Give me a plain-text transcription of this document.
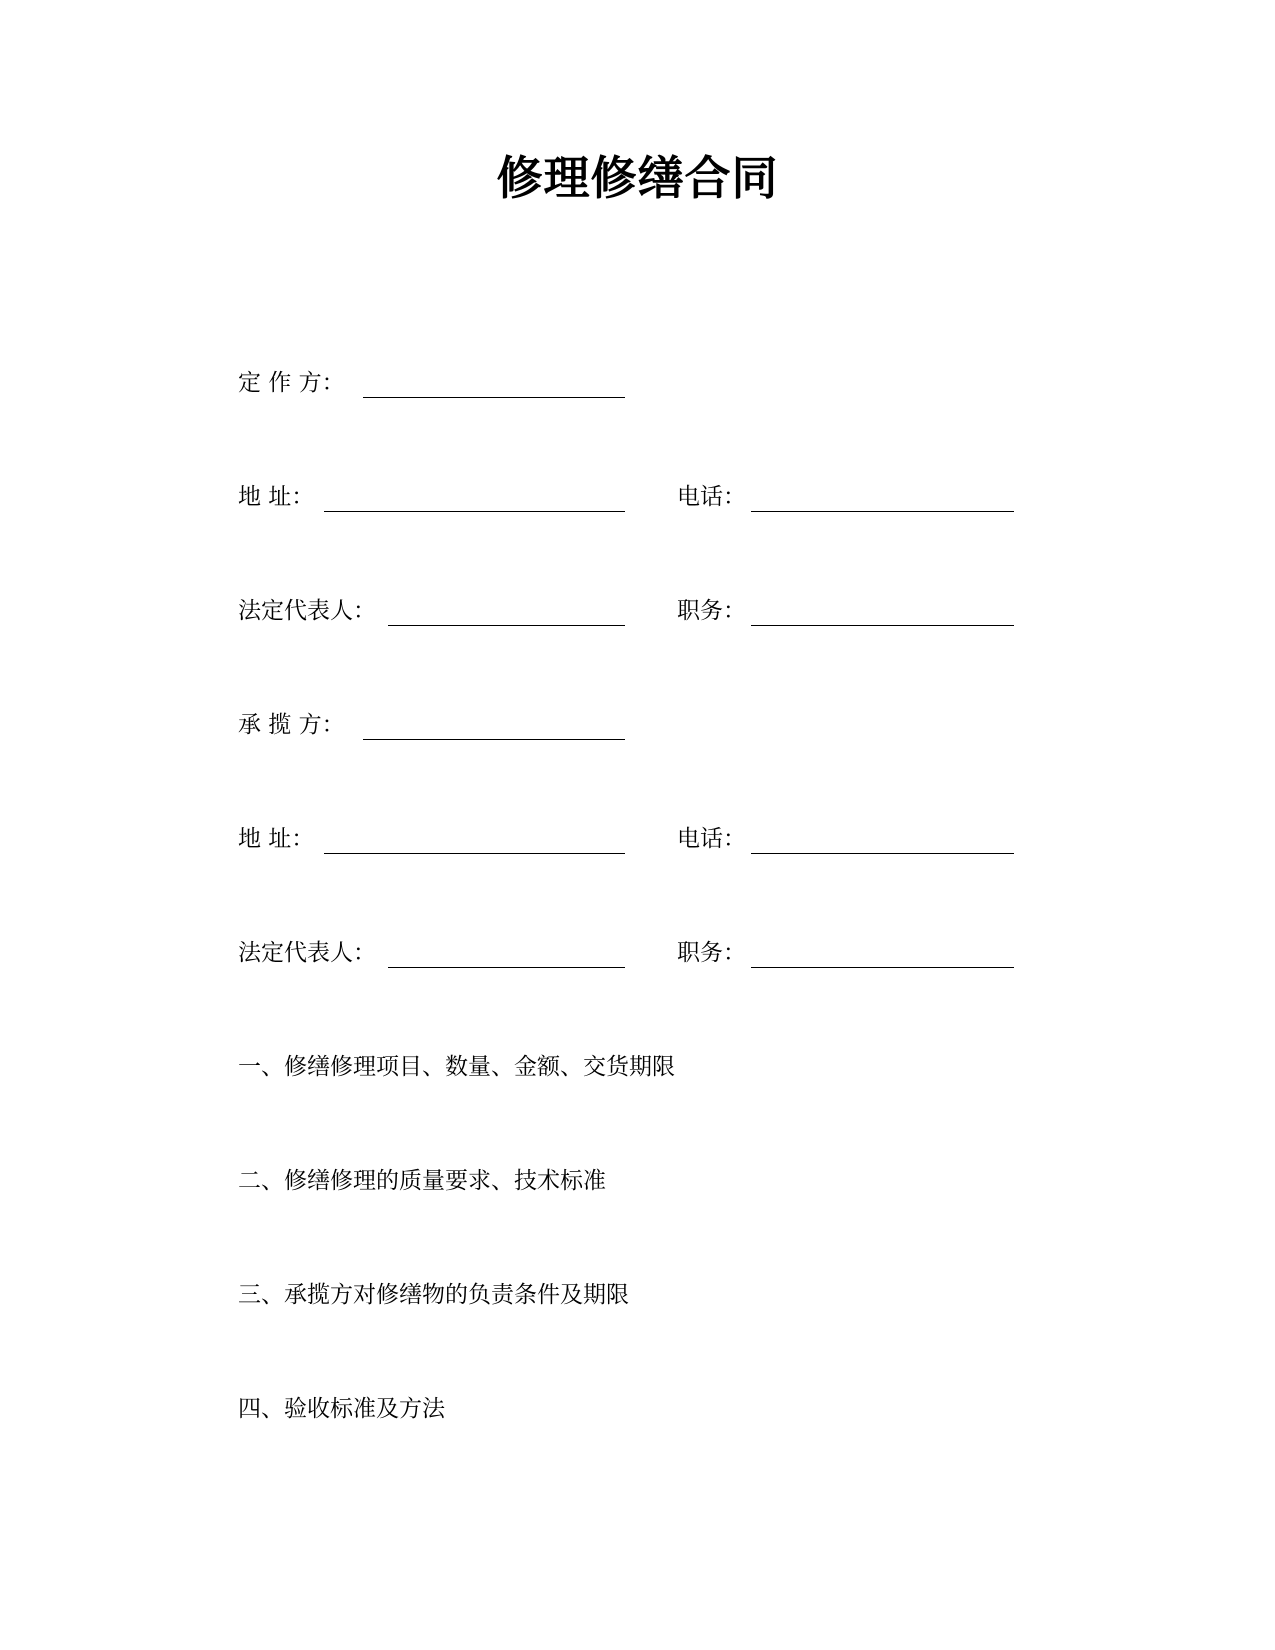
修理修缮合同
定 作 方：
地 址：	电话：
法定代表人：	职务：
承 揽 方：
地 址：	电话：
法定代表人：	职务：
一、修缮修理项目、数量、金额、交货期限
二、修缮修理的质量要求、技术标准
三、承揽方对修缮物的负责条件及期限
四、验收标准及方法
